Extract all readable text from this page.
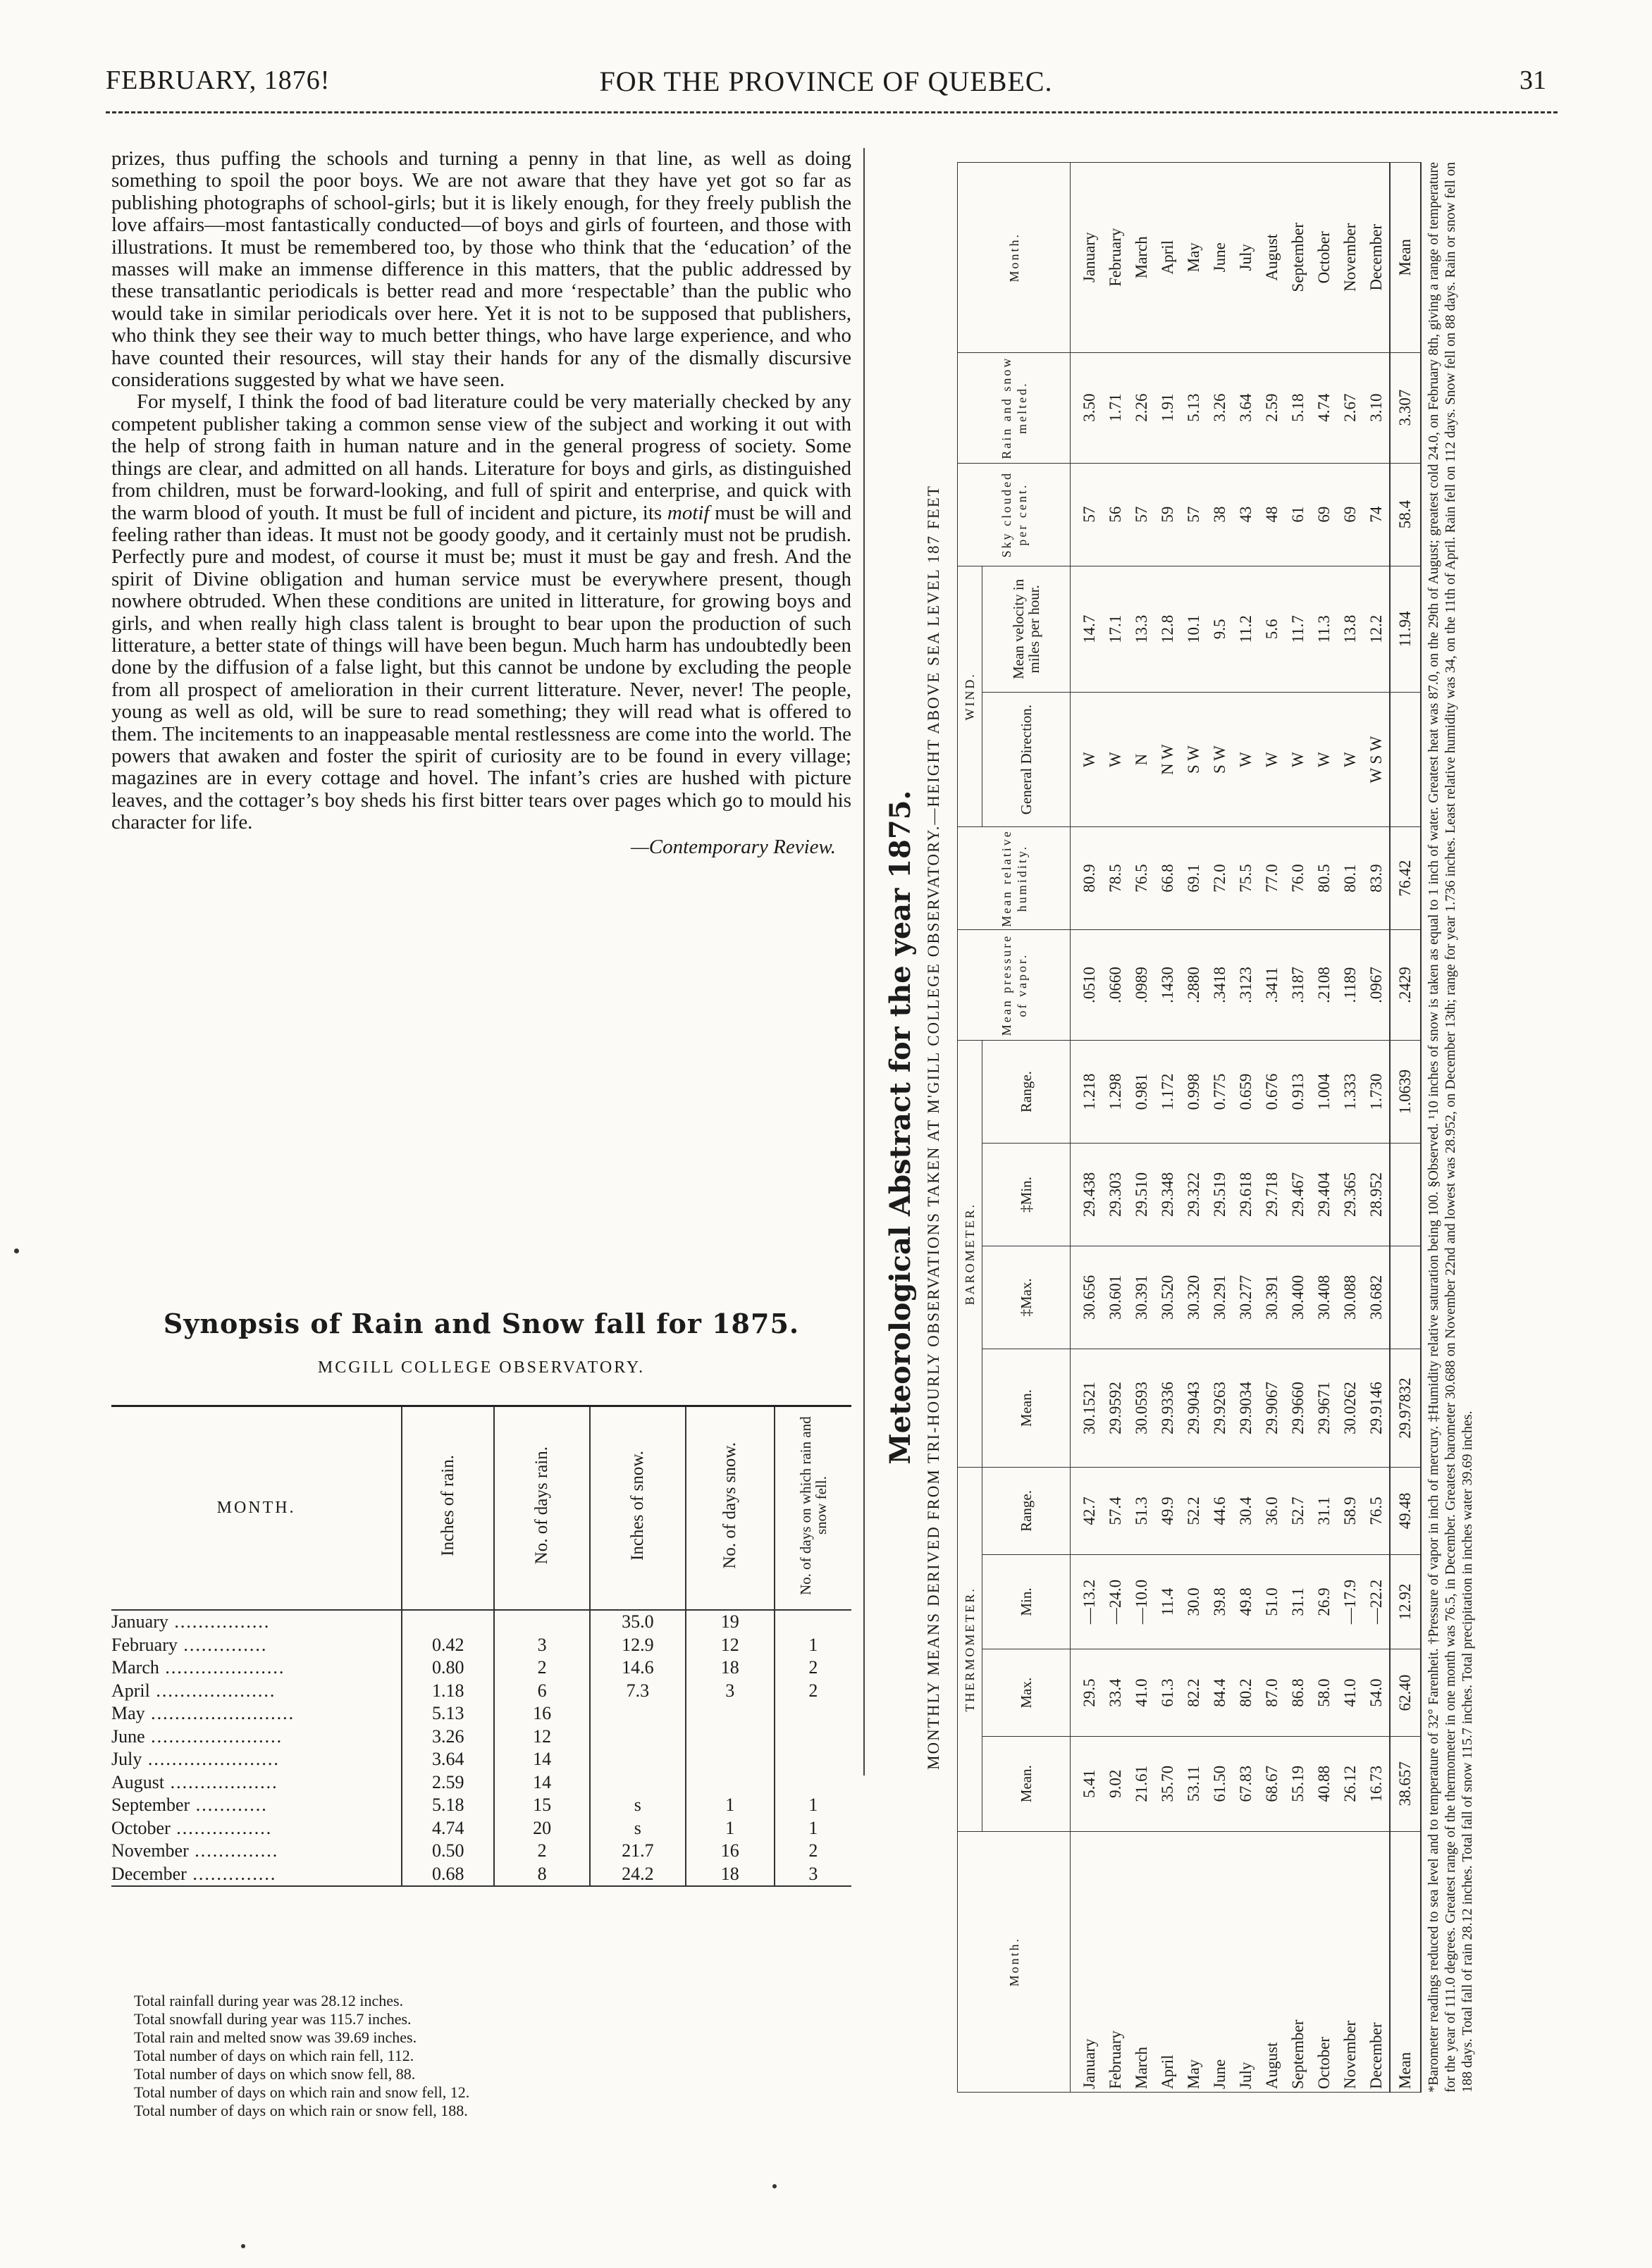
FEBRUARY, 1876!	FOR THE PROVINCE OF QUEBEC.	31

prizes, thus puffing the schools and turning a penny in that line, as well as doing something to spoil the poor boys. We are not aware that they have yet got so far as publishing photographs of school-girls; but it is likely enough, for they freely publish the love affairs—most fantastically conducted—of boys and girls of fourteen, and those with illustrations. It must be remembered too, by those who think that the ‘education’ of the masses will make an immense difference in this matters, that the public addressed by these transatlantic periodicals is better read and more ‘respectable’ than the public who would take in similar periodicals over here. Yet it is not to be supposed that publishers, who think they see their way to much better things, who have large experience, and who have counted their resources, will stay their hands for any of the dismally discursive considerations suggested by what we have seen.

For myself, I think the food of bad literature could be very materially checked by any competent publisher taking a common sense view of the subject and working it out with the help of strong faith in human nature and in the general progress of society. Some things are clear, and admitted on all hands. Literature for boys and girls, as distinguished from children, must be forward-looking, and full of spirit and enterprise, and quick with the warm blood of youth. It must be full of incident and picture, its motif must be will and feeling rather than ideas. It must not be goody goody, and it certainly must not be prudish. Perfectly pure and modest, of course it must be; must it must be gay and fresh. And the spirit of Divine obligation and human service must be everywhere present, though nowhere obtruded. When these conditions are united in litterature, for growing boys and girls, and when really high class talent is brought to bear upon the production of such litterature, a better state of things will have been begun. Much harm has undoubtedly been done by the diffusion of a false light, but this cannot be undone by excluding the people from all prospect of amelioration in their current litterature. Never, never! The people, young as well as old, will be sure to read something; they will read what is offered to them. The incitements to an inappeasable mental restlessness are come into the world. The powers that awaken and foster the spirit of curiosity are to be found in every village; magazines are in every cottage and hovel. The infant’s cries are hushed with picture leaves, and the cottager’s boy sheds his first bitter tears over pages which go to mould his character for life.

—Contemporary Review.
Synopsis of Rain and Snow fall for 1875.
MCGILL COLLEGE OBSERVATORY.
MONTH.	Inches of rain.	No. of days rain.	Inches of snow.	No. of days snow.	No. of days on which rain and snow fell.
January ................			35.0	19	
February ..............	0.42	3	12.9	12	1
March ....................	0.80	2	14.6	18	2
April ....................	1.18	6	7.3	3	2
May ........................	5.13	16			
June ......................	3.26	12			
July ......................	3.64	14			
August ..................	2.59	14			
September ............	5.18	15	s	1	1
October ................	4.74	20	s	1	1
November ..............	0.50	2	21.7	16	2
December ..............	0.68	8	24.2	18	3
Total rainfall during year was 28.12 inches.
Total snowfall during year was 115.7 inches.
Total rain and melted snow was 39.69 inches.
Total number of days on which rain fell, 112.
Total number of days on which snow fell, 88.
Total number of days on which rain and snow fell, 12.
Total number of days on which rain or snow fell, 188.
Meteorological Abstract for the year 1875. MONTHLY MEANS DERIVED FROM TRI-HOURLY OBSERVATIONS TAKEN AT M'GILL COLLEGE OBSERVATORY.—HEIGHT ABOVE SEA LEVEL 187 FEET
Month.	THERMOMETER.				BAROMETER.				Mean pressure of vapor.	Mean relative humidity.	WIND.		Sky clouded per cent.	Rain and snow melted.	Month.
	Mean.	Max.	Min.	Range.	Mean.	‡Max.	‡Min.	Range.			General Direction.	Mean velocity in miles per hour.			
January	5.41	29.5	—13.2	42.7	30.1521	30.656	29.438	1.218	.0510	80.9	W	14.7	57	3.50	January
February	9.02	33.4	—24.0	57.4	29.9592	30.601	29.303	1.298	.0660	78.5	W	17.1	56	1.71	February
March	21.61	41.0	—10.0	51.3	30.0593	30.391	29.510	0.981	.0989	76.5	N	13.3	57	2.26	March
April	35.70	61.3	11.4	49.9	29.9336	30.520	29.348	1.172	.1430	66.8	N W	12.8	59	1.91	April
May	53.11	82.2	30.0	52.2	29.9043	30.320	29.322	0.998	.2880	69.1	S W	10.1	57	5.13	May
June	61.50	84.4	39.8	44.6	29.9263	30.291	29.519	0.775	.3418	72.0	S W	9.5	38	3.26	June
July	67.83	80.2	49.8	30.4	29.9034	30.277	29.618	0.659	.3123	75.5	W	11.2	43	3.64	July
August	68.67	87.0	51.0	36.0	29.9067	30.391	29.718	0.676	.3411	77.0	W	5.6	48	2.59	August
September	55.19	86.8	31.1	52.7	29.9660	30.400	29.467	0.913	.3187	76.0	W	11.7	61	5.18	September
October	40.88	58.0	26.9	31.1	29.9671	30.408	29.404	1.004	.2108	80.5	W	11.3	69	4.74	October
November	26.12	41.0	—17.9	58.9	30.0262	30.088	29.365	1.333	.1189	80.1	W	13.8	69	2.67	November
December	16.73	54.0	—22.2	76.5	29.9146	30.682	28.952	1.730	.0967	83.9	W S W	12.2	74	3.10	December
Mean	38.657	62.40	12.92	49.48	29.97832			1.0639	.2429	76.42		11.94	58.4	3.307	Mean *Barometer readings reduced to sea level and to temperature of 32° Farenheit. †Pressure of vapor in inch of mercury. ‡Humidity relative saturation being 100. §Observed. ¹10 inches of snow is taken as equal to 1 inch of water. Greatest heat was 87.0, on the 29th of August; greatest cold 24.0, on February 8th, giving a range of temperature for the year of 111.0 degrees. Greatest range of the thermometer in one month was 76.5, in December. Greatest barometer 30.688 on November 22nd and lowest was 28.952, on December 13th; range for year 1.736 inches. Least relative humidity was 34, on the 11th of April. Rain fell on 112 days. Snow fell on 88 days. Rain or snow fell on 188 days. Total fall of rain 28.12 inches. Total fall of snow 115.7 inches. Total precipitation in inches water 39.69 inches.
